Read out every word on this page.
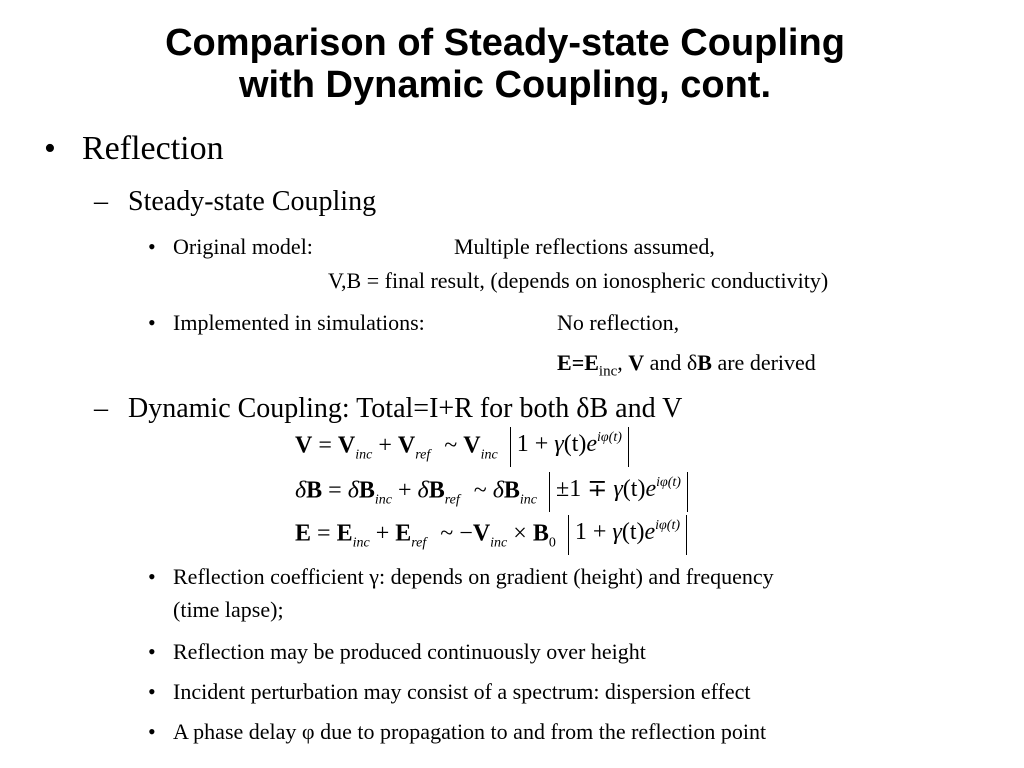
Comparison of Steady-state Coupling
with Dynamic Coupling, cont.
• Reflection
– Steady-state Coupling
• Original model:	Multiple reflections assumed,
V,B = final result, (depends on ionospheric conductivity)
• Implemented in simulations:	No reflection,
$E=E_{inc}$, V and δB are derived
– Dynamic Coupling: Total=I+R for both δB and V
$V = V_{inc} + V_{ref}$ ~ $V_{inc}$ $1 + \gamma(t)e^{i\varphi(t)}$
$\delta B = \delta B_{inc} + \delta B_{ref}$ ~ $\delta B_{inc} \pm 1 \mp \gamma(t)e^{i\varphi(t)}$
$E = E_{inc} + E_{ref}$ ~ $-V_{inc} \times B_0$ $1 + \gamma(t)e^{i\varphi(t)}$
• Reflection coefficient γ: depends on gradient (height) and frequency
(time lapse);
• Reflection may be produced continuously over height
• Incident perturbation may consist of a spectrum: dispersion effect
• A phase delay φ due to propagation to and from the reflection point
